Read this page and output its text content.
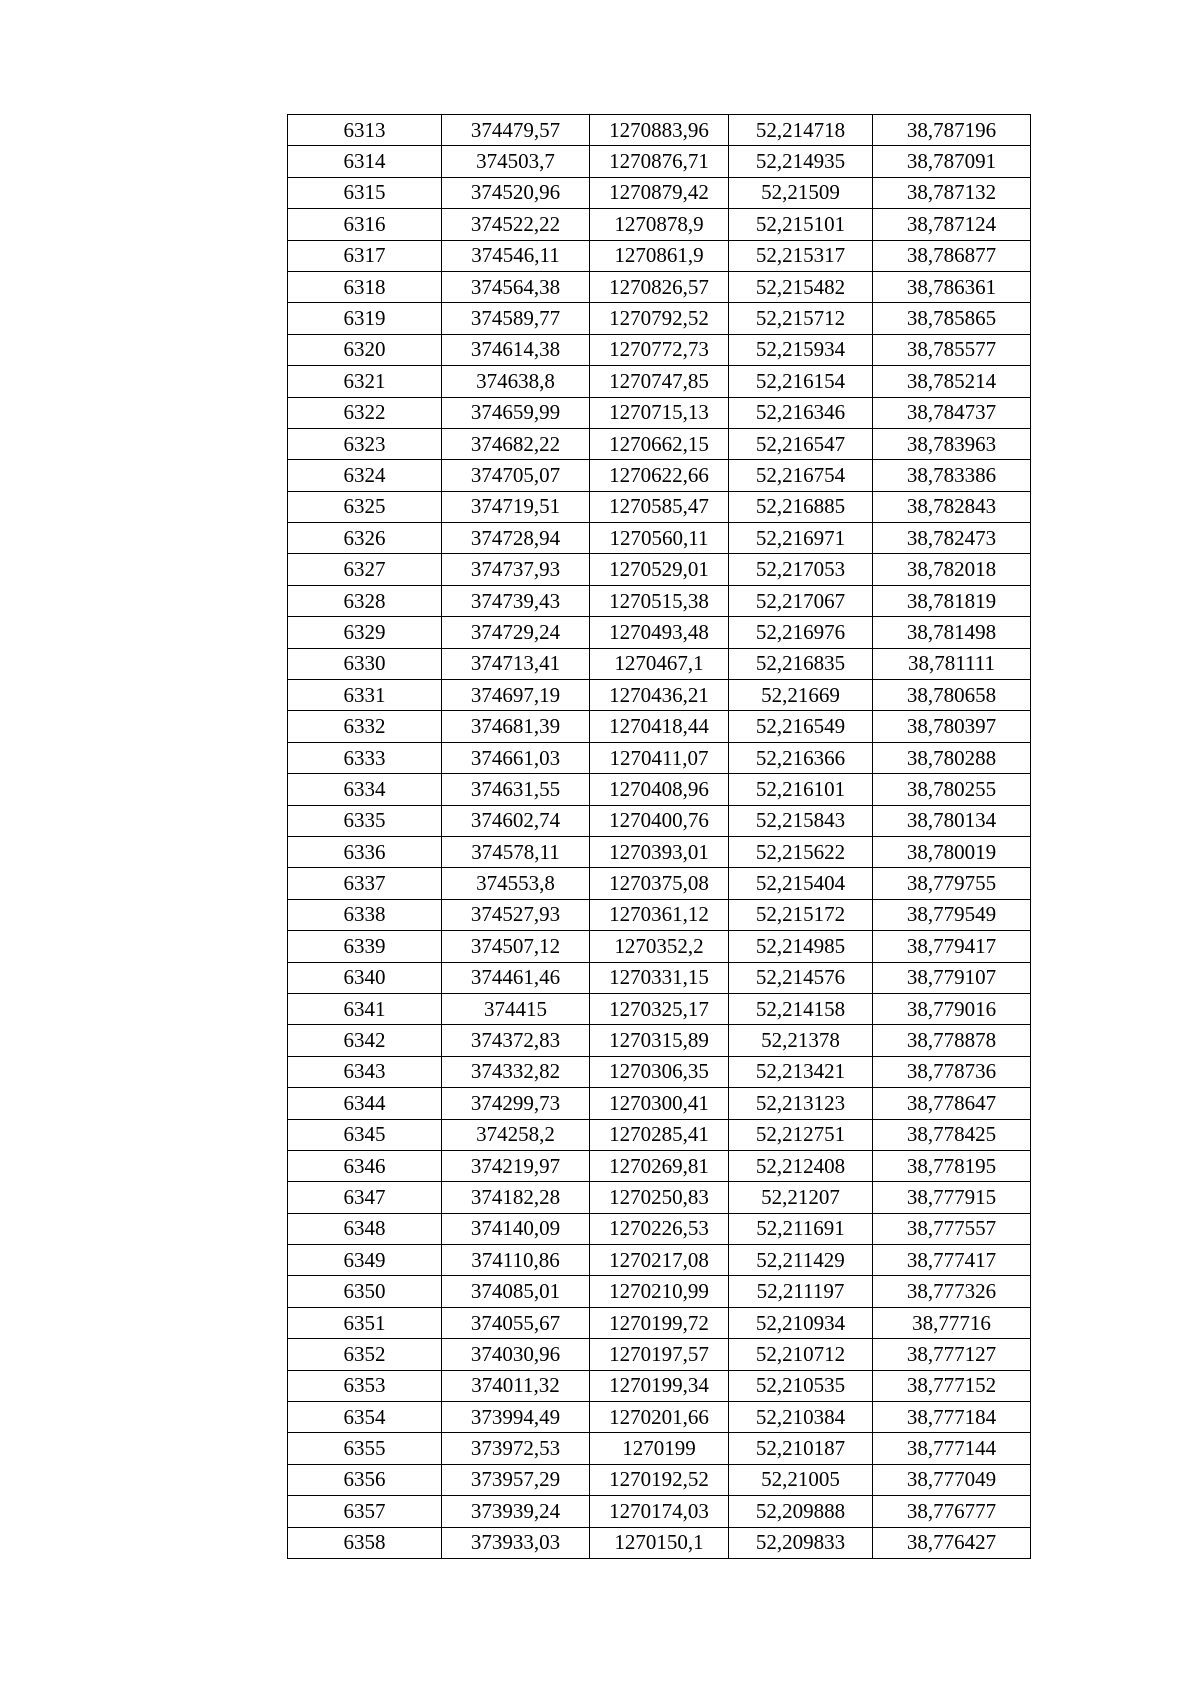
6313	374479,57	1270883,96	52,214718	38,787196
6314	374503,7	1270876,71	52,214935	38,787091
6315	374520,96	1270879,42	52,21509	38,787132
6316	374522,22	1270878,9	52,215101	38,787124
6317	374546,11	1270861,9	52,215317	38,786877
6318	374564,38	1270826,57	52,215482	38,786361
6319	374589,77	1270792,52	52,215712	38,785865
6320	374614,38	1270772,73	52,215934	38,785577
6321	374638,8	1270747,85	52,216154	38,785214
6322	374659,99	1270715,13	52,216346	38,784737
6323	374682,22	1270662,15	52,216547	38,783963
6324	374705,07	1270622,66	52,216754	38,783386
6325	374719,51	1270585,47	52,216885	38,782843
6326	374728,94	1270560,11	52,216971	38,782473
6327	374737,93	1270529,01	52,217053	38,782018
6328	374739,43	1270515,38	52,217067	38,781819
6329	374729,24	1270493,48	52,216976	38,781498
6330	374713,41	1270467,1	52,216835	38,781111
6331	374697,19	1270436,21	52,21669	38,780658
6332	374681,39	1270418,44	52,216549	38,780397
6333	374661,03	1270411,07	52,216366	38,780288
6334	374631,55	1270408,96	52,216101	38,780255
6335	374602,74	1270400,76	52,215843	38,780134
6336	374578,11	1270393,01	52,215622	38,780019
6337	374553,8	1270375,08	52,215404	38,779755
6338	374527,93	1270361,12	52,215172	38,779549
6339	374507,12	1270352,2	52,214985	38,779417
6340	374461,46	1270331,15	52,214576	38,779107
6341	374415	1270325,17	52,214158	38,779016
6342	374372,83	1270315,89	52,21378	38,778878
6343	374332,82	1270306,35	52,213421	38,778736
6344	374299,73	1270300,41	52,213123	38,778647
6345	374258,2	1270285,41	52,212751	38,778425
6346	374219,97	1270269,81	52,212408	38,778195
6347	374182,28	1270250,83	52,21207	38,777915
6348	374140,09	1270226,53	52,211691	38,777557
6349	374110,86	1270217,08	52,211429	38,777417
6350	374085,01	1270210,99	52,211197	38,777326
6351	374055,67	1270199,72	52,210934	38,77716
6352	374030,96	1270197,57	52,210712	38,777127
6353	374011,32	1270199,34	52,210535	38,777152
6354	373994,49	1270201,66	52,210384	38,777184
6355	373972,53	1270199	52,210187	38,777144
6356	373957,29	1270192,52	52,21005	38,777049
6357	373939,24	1270174,03	52,209888	38,776777
6358	373933,03	1270150,1	52,209833	38,776427
